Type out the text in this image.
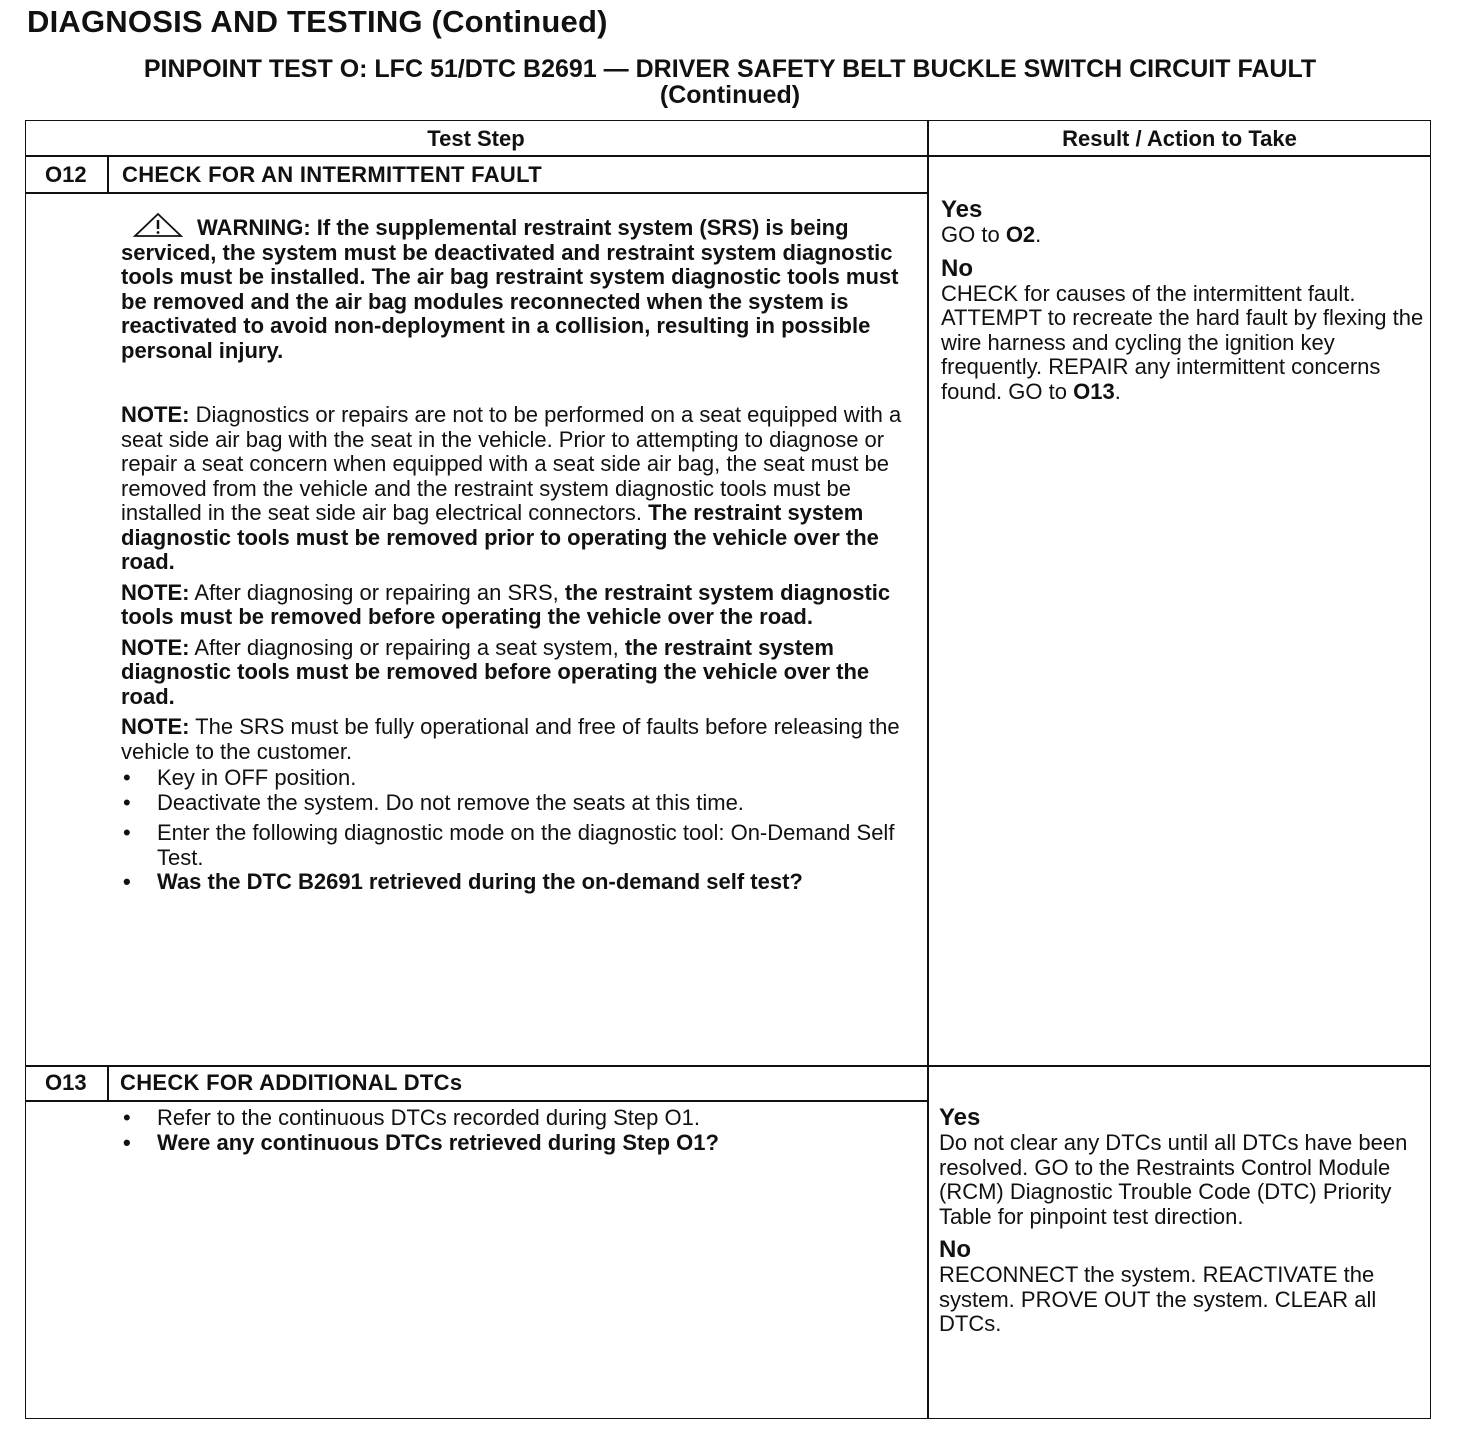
DIAGNOSIS AND TESTING (Continued)
PINPOINT TEST O: LFC 51/DTC B2691 — DRIVER SAFETY BELT BUCKLE SWITCH CIRCUIT FAULT
(Continued)
Test Step	Result / Action to Take
O12 CHECK FOR AN INTERMITTENT FAULT
WARNING: If the supplemental restraint system (SRS) is being serviced, the system must be deactivated and restraint system diagnostic tools must be installed. The air bag restraint system diagnostic tools must be removed and the air bag modules reconnected when the system is reactivated to avoid non-deployment in a collision, resulting in possible personal injury.
NOTE: Diagnostics or repairs are not to be performed on a seat equipped with a seat side air bag with the seat in the vehicle. Prior to attempting to diagnose or repair a seat concern when equipped with a seat side air bag, the seat must be removed from the vehicle and the restraint system diagnostic tools must be installed in the seat side air bag electrical connectors. The restraint system diagnostic tools must be removed prior to operating the vehicle over the road.
NOTE: After diagnosing or repairing an SRS, the restraint system diagnostic tools must be removed before operating the vehicle over the road.
NOTE: After diagnosing or repairing a seat system, the restraint system diagnostic tools must be removed before operating the vehicle over the road.
NOTE: The SRS must be fully operational and free of faults before releasing the vehicle to the customer.
• Key in OFF position.
• Deactivate the system. Do not remove the seats at this time.
• Enter the following diagnostic mode on the diagnostic tool: On-Demand Self Test.
• Was the DTC B2691 retrieved during the on-demand self test?
Yes
GO to O2.
No
CHECK for causes of the intermittent fault. ATTEMPT to recreate the hard fault by flexing the wire harness and cycling the ignition key frequently. REPAIR any intermittent concerns found. GO to O13.
O13 CHECK FOR ADDITIONAL DTCs
• Refer to the continuous DTCs recorded during Step O1.
• Were any continuous DTCs retrieved during Step O1?
Yes
Do not clear any DTCs until all DTCs have been resolved. GO to the Restraints Control Module (RCM) Diagnostic Trouble Code (DTC) Priority Table for pinpoint test direction.
No
RECONNECT the system. REACTIVATE the system. PROVE OUT the system. CLEAR all DTCs.
